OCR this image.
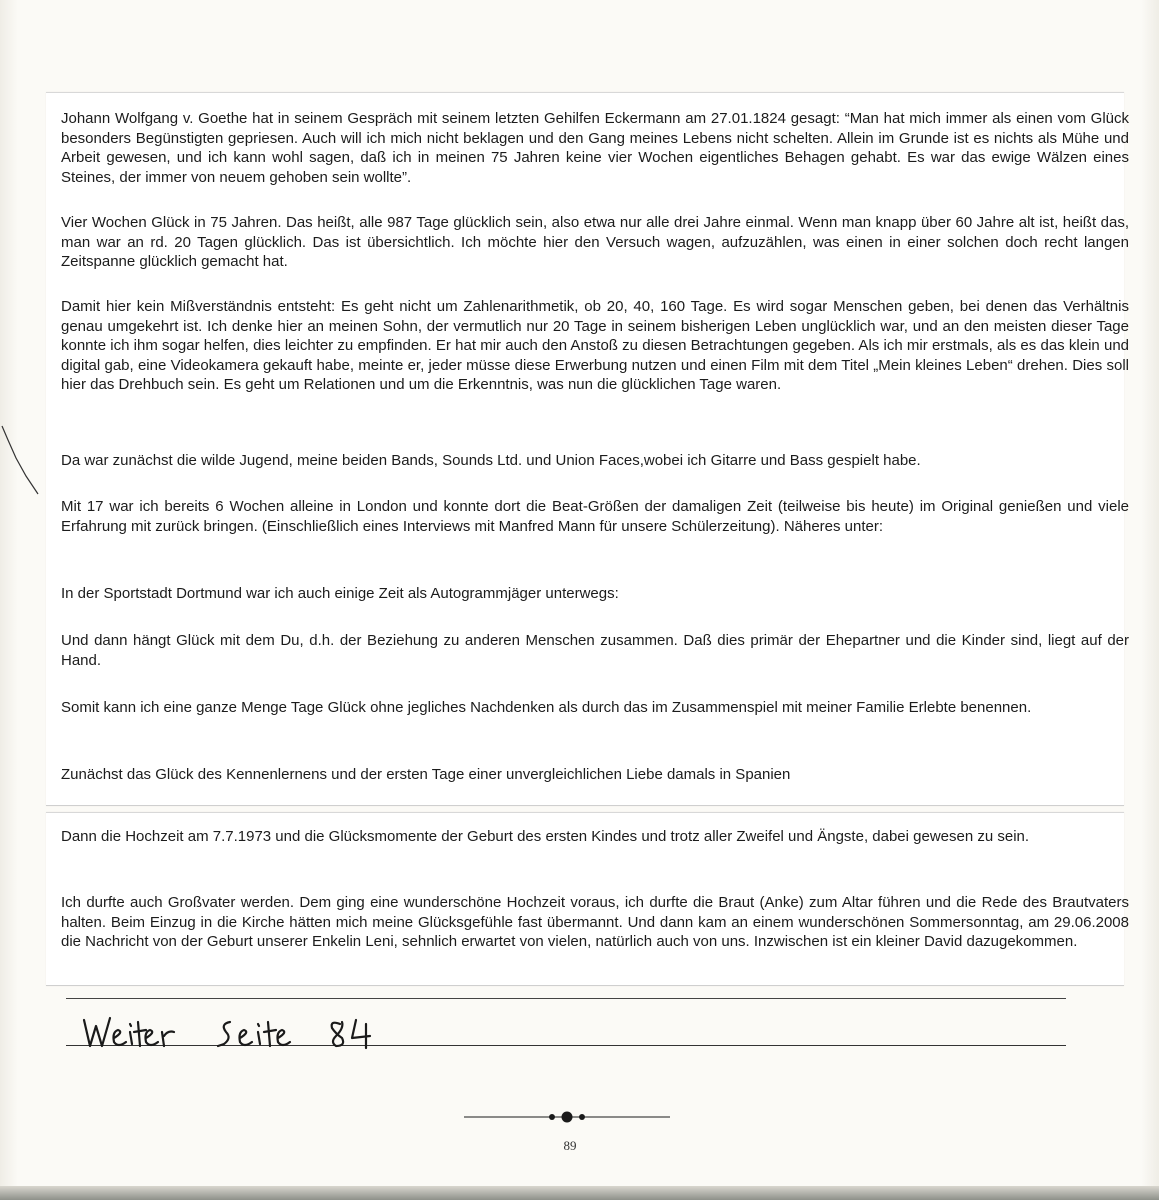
Johann Wolfgang v. Goethe hat in seinem Gespräch mit seinem letzten Gehilfen Eckermann am 27.01.1824 gesagt: “Man hat mich immer als einen vom Glück besonders Begünstigten gepriesen. Auch will ich mich nicht beklagen und den Gang meines Lebens nicht schelten. Allein im Grunde ist es nichts als Mühe und Arbeit gewesen, und ich kann wohl sagen, daß ich in meinen 75 Jahren keine vier Wochen eigentliches Behagen gehabt. Es war das ewige Wälzen eines Steines, der immer von neuem gehoben sein wollte”.

Vier Wochen Glück in 75 Jahren. Das heißt, alle 987 Tage glücklich sein, also etwa nur alle drei Jahre einmal. Wenn man knapp über 60 Jahre alt ist, heißt das, man war an rd. 20 Tagen glücklich. Das ist übersichtlich. Ich möchte hier den Versuch wagen, aufzuzählen, was einen in einer solchen doch recht langen Zeitspanne glücklich gemacht hat.

Damit hier kein Mißverständnis entsteht: Es geht nicht um Zahlenarithmetik, ob 20, 40, 160 Tage. Es wird sogar Menschen geben, bei denen das Verhältnis genau umgekehrt ist. Ich denke hier an meinen Sohn, der vermutlich nur 20 Tage in seinem bisherigen Leben unglücklich war, und an den meisten dieser Tage konnte ich ihm sogar helfen, dies leichter zu empfinden. Er hat mir auch den Anstoß zu diesen Betrachtungen gegeben. Als ich mir erstmals, als es das klein und digital gab, eine Videokamera gekauft habe, meinte er, jeder müsse diese Erwerbung nutzen und einen Film mit dem Titel „Mein kleines Leben“ drehen. Dies soll hier das Drehbuch sein. Es geht um Relationen und um die Erkenntnis, was nun die glücklichen Tage waren.

Da war zunächst die wilde Jugend, meine beiden Bands, Sounds Ltd. und Union Faces,wobei ich Gitarre und Bass gespielt habe.

Mit 17 war ich bereits 6 Wochen alleine in London und konnte dort die Beat-Größen der damaligen Zeit (teilweise bis heute) im Original genießen und viele Erfahrung mit zurück bringen. (Einschließlich eines Interviews mit Manfred Mann für unsere Schülerzeitung). Näheres unter:

In der Sportstadt Dortmund war ich auch einige Zeit als Autogrammjäger unterwegs:

Und dann hängt Glück mit dem Du, d.h. der Beziehung zu anderen Menschen zusammen. Daß dies primär der Ehepartner und die Kinder sind, liegt auf der Hand.

Somit kann ich eine ganze Menge Tage Glück ohne jegliches Nachdenken als durch das im Zusammenspiel mit meiner Familie Erlebte benennen.

Zunächst das Glück des Kennenlernens und der ersten Tage einer unvergleichlichen Liebe damals in Spanien

Dann die Hochzeit am 7.7.1973 und die Glücksmomente der Geburt des ersten Kindes und trotz aller Zweifel und Ängste, dabei gewesen zu sein.

Ich durfte auch Großvater werden. Dem ging eine wunderschöne Hochzeit voraus, ich durfte die Braut (Anke) zum Altar führen und die Rede des Brautvaters halten. Beim Einzug in die Kirche hätten mich meine Glücksgefühle fast übermannt. Und dann kam an einem wunderschönen Sommersonntag, am 29.06.2008 die Nachricht von der Geburt unserer Enkelin Leni, sehnlich erwartet von vielen, natürlich auch von uns. Inzwischen ist ein kleiner David dazugekommen.

89
